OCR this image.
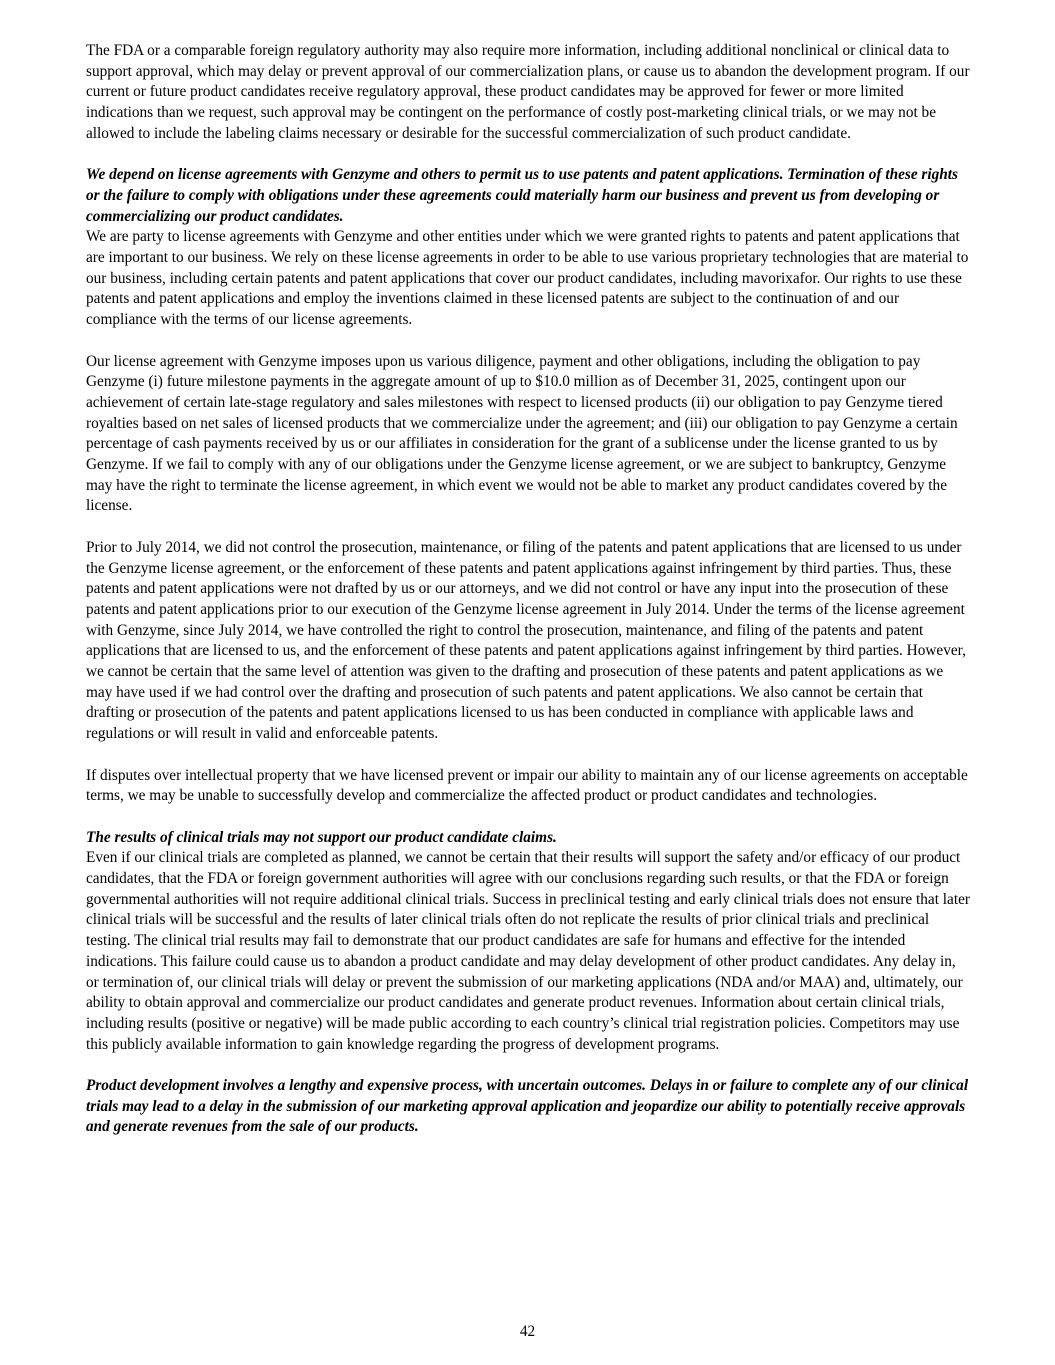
The FDA or a comparable foreign regulatory authority may also require more information, including additional nonclinical or clinical data to support approval, which may delay or prevent approval of our commercialization plans, or cause us to abandon the development program. If our current or future product candidates receive regulatory approval, these product candidates may be approved for fewer or more limited indications than we request, such approval may be contingent on the performance of costly post-marketing clinical trials, or we may not be allowed to include the labeling claims necessary or desirable for the successful commercialization of such product candidate.

We depend on license agreements with Genzyme and others to permit us to use patents and patent applications. Termination of these rights or the failure to comply with obligations under these agreements could materially harm our business and prevent us from developing or commercializing our product candidates.

We are party to license agreements with Genzyme and other entities under which we were granted rights to patents and patent applications that are important to our business. We rely on these license agreements in order to be able to use various proprietary technologies that are material to our business, including certain patents and patent applications that cover our product candidates, including mavorixafor. Our rights to use these patents and patent applications and employ the inventions claimed in these licensed patents are subject to the continuation of and our compliance with the terms of our license agreements.

Our license agreement with Genzyme imposes upon us various diligence, payment and other obligations, including the obligation to pay Genzyme (i) future milestone payments in the aggregate amount of up to $10.0 million as of December 31, 2025, contingent upon our achievement of certain late-stage regulatory and sales milestones with respect to licensed products (ii) our obligation to pay Genzyme tiered royalties based on net sales of licensed products that we commercialize under the agreement; and (iii) our obligation to pay Genzyme a certain percentage of cash payments received by us or our affiliates in consideration for the grant of a sublicense under the license granted to us by Genzyme. If we fail to comply with any of our obligations under the Genzyme license agreement, or we are subject to bankruptcy, Genzyme may have the right to terminate the license agreement, in which event we would not be able to market any product candidates covered by the license.

Prior to July 2014, we did not control the prosecution, maintenance, or filing of the patents and patent applications that are licensed to us under the Genzyme license agreement, or the enforcement of these patents and patent applications against infringement by third parties. Thus, these patents and patent applications were not drafted by us or our attorneys, and we did not control or have any input into the prosecution of these patents and patent applications prior to our execution of the Genzyme license agreement in July 2014. Under the terms of the license agreement with Genzyme, since July 2014, we have controlled the right to control the prosecution, maintenance, and filing of the patents and patent applications that are licensed to us, and the enforcement of these patents and patent applications against infringement by third parties. However, we cannot be certain that the same level of attention was given to the drafting and prosecution of these patents and patent applications as we may have used if we had control over the drafting and prosecution of such patents and patent applications. We also cannot be certain that drafting or prosecution of the patents and patent applications licensed to us has been conducted in compliance with applicable laws and regulations or will result in valid and enforceable patents.

If disputes over intellectual property that we have licensed prevent or impair our ability to maintain any of our license agreements on acceptable terms, we may be unable to successfully develop and commercialize the affected product or product candidates and technologies.

The results of clinical trials may not support our product candidate claims.

Even if our clinical trials are completed as planned, we cannot be certain that their results will support the safety and/or efficacy of our product candidates, that the FDA or foreign government authorities will agree with our conclusions regarding such results, or that the FDA or foreign governmental authorities will not require additional clinical trials. Success in preclinical testing and early clinical trials does not ensure that later clinical trials will be successful and the results of later clinical trials often do not replicate the results of prior clinical trials and preclinical testing. The clinical trial results may fail to demonstrate that our product candidates are safe for humans and effective for the intended indications. This failure could cause us to abandon a product candidate and may delay development of other product candidates. Any delay in, or termination of, our clinical trials will delay or prevent the submission of our marketing applications (NDA and/or MAA) and, ultimately, our ability to obtain approval and commercialize our product candidates and generate product revenues. Information about certain clinical trials, including results (positive or negative) will be made public according to each country’s clinical trial registration policies. Competitors may use this publicly available information to gain knowledge regarding the progress of development programs.

Product development involves a lengthy and expensive process, with uncertain outcomes. Delays in or failure to complete any of our clinical trials may lead to a delay in the submission of our marketing approval application and jeopardize our ability to potentially receive approvals and generate revenues from the sale of our products.

42
